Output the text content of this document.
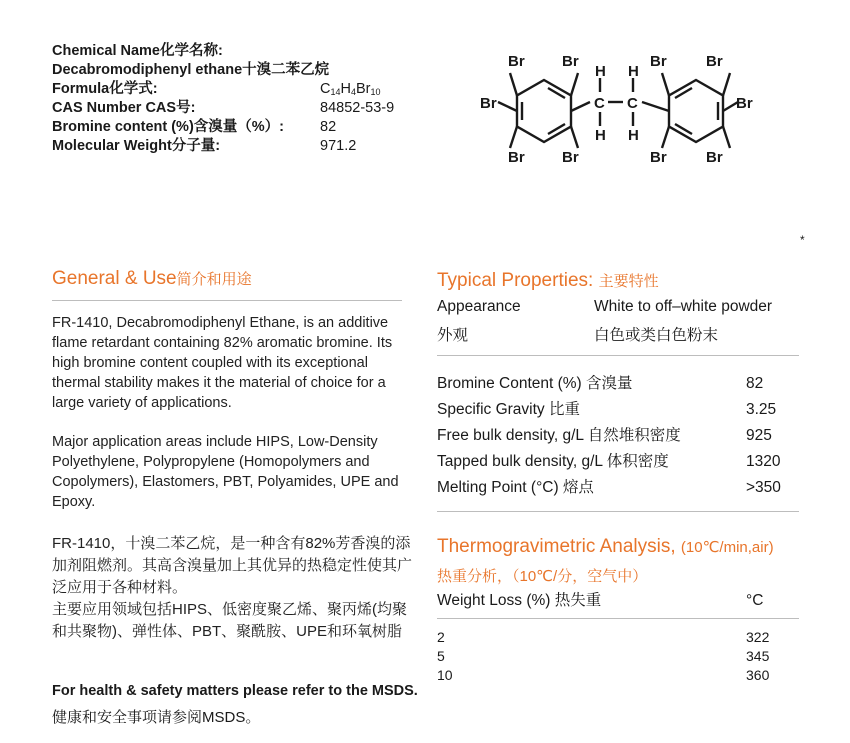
Chemical Name化学名称:
Decabromodiphenyl ethane十溴二苯乙烷
Formula化学式:	$C_{14}H_4Br_{10}$
CAS Number CAS号:	84852-53-9
Bromine content (%)含溴量（%）:	82
Molecular Weight分子量:	971.2
Br Br
Br
Br Br
Br	Br
Br
Br	Br
H H
H H
C C
*
General & Use简介和用途
FR-1410, Decabromodiphenyl Ethane, is an additive flame retardant containing 82% aromatic bromine. Its high bromine content coupled with its exceptional thermal stability makes it the material of choice for a large variety of applications.
Major application areas include HIPS, Low-Density Polyethylene, Polypropylene (Homopolymers and Copolymers), Elastomers, PBT, Polyamides, UPE and Epoxy.
FR-1410，十溴二苯乙烷，是一种含有82%芳香溴的添加剂阻燃剂。其高含溴量加上其优异的热稳定性使其广泛应用于各种材料。
主要应用领域包括HIPS、低密度聚乙烯、聚丙烯(均聚和共聚物)、弹性体、PBT、聚酰胺、UPE和环氧树脂
For health & safety matters please refer to the MSDS.
健康和安全事项请参阅MSDS。
Typical Properties: 主要特性
Appearance	White to off–white powder
外观	白色或类白色粉末
Bromine Content (%) 含溴量	82
Specific Gravity 比重	3.25
Free bulk density, g/L 自然堆积密度	925
Tapped bulk density, g/L 体积密度	1320
Melting Point (°C) 熔点	>350
Thermogravimetric Analysis, (10℃/min,air)
热重分析，（10℃/分，空气中）
Weight Loss (%) 热失重	°C
2	322
5	345
10	360
